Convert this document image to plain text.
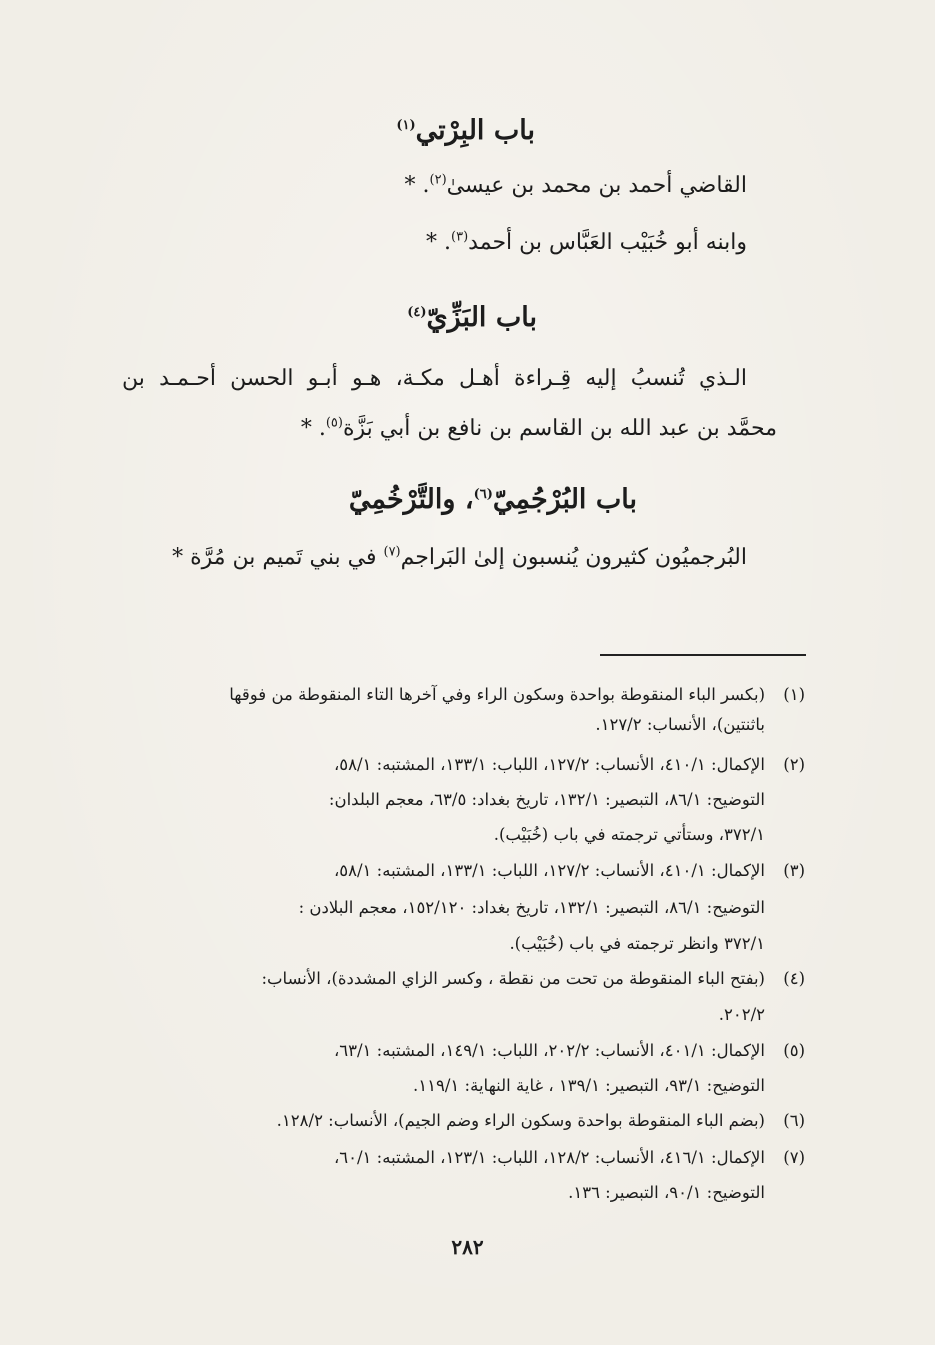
باب البِرْتي$^{(١)}$
القاضي أحمد بن محمد بن عيسىٰ$^{(٢)}$. *
وابنه أبو خُبَيْب العَبَّاس بن أحمد$^{(٣)}$. *
باب البَزِّيّ$^{(٤)}$
الـذي تُنسبُ إليه قِـراءة أهـل مكـة، هـو أبـو الحسن أحـمـد بن
محمَّد بن عبد الله بن القاسم بن نافع بن أبي بَزَّة$^{(٥)}$. *
باب البُرْجُمِيّ$^{(٦)}$، والتَّرْخُمِيّ
البُرجميُون كثيرون يُنسبون إلىٰ البَراجم$^{(٧)}$ في بني تَميم بن مُرَّة *
(١)
(بكسر الباء المنقوطة بواحدة وسكون الراء وفي آخرها التاء المنقوطة من فوقها
باثنتين)، الأنساب: ١٢٧/٢.
(٢)
الإكمال: ٤١٠/١، الأنساب: ١٢٧/٢، اللباب: ١٣٣/١، المشتبه: ٥٨/١،
التوضيح: ٨٦/١، التبصير: ١٣٢/١، تاريخ بغداد: ٦٣/٥، معجم البلدان:
٣٧٢/١، وستأتي ترجمته في باب (خُبَيْب).
(٣)
الإكمال: ٤١٠/١، الأنساب: ١٢٧/٢، اللباب: ١٣٣/١، المشتبه: ٥٨/١،
التوضيح: ٨٦/١، التبصير: ١٣٢/١، تاريخ بغداد: ١٥٢/١٢٠، معجم البلادن :
٣٧٢/١ وانظر ترجمته في باب (خُبَيْب).
(٤)
(بفتح الباء المنقوطة من تحت من نقطة ، وكسر الزاي المشددة)، الأنساب:
٢٠٢/٢.
(٥)
الإكمال: ٤٠١/١، الأنساب: ٢٠٢/٢، اللباب: ١٤٩/١، المشتبه: ٦٣/١،
التوضيح: ٩٣/١، التبصير: ١٣٩/١ ، غاية النهاية: ١١٩/١.
(٦)
(بضم الباء المنقوطة بواحدة وسكون الراء وضم الجيم)، الأنساب: ١٢٨/٢.
(٧)
الإكمال: ٤١٦/١، الأنساب: ١٢٨/٢، اللباب: ١٢٣/١، المشتبه: ٦٠/١،
التوضيح: ٩٠/١، التبصير: ١٣٦.
٢٨٢
